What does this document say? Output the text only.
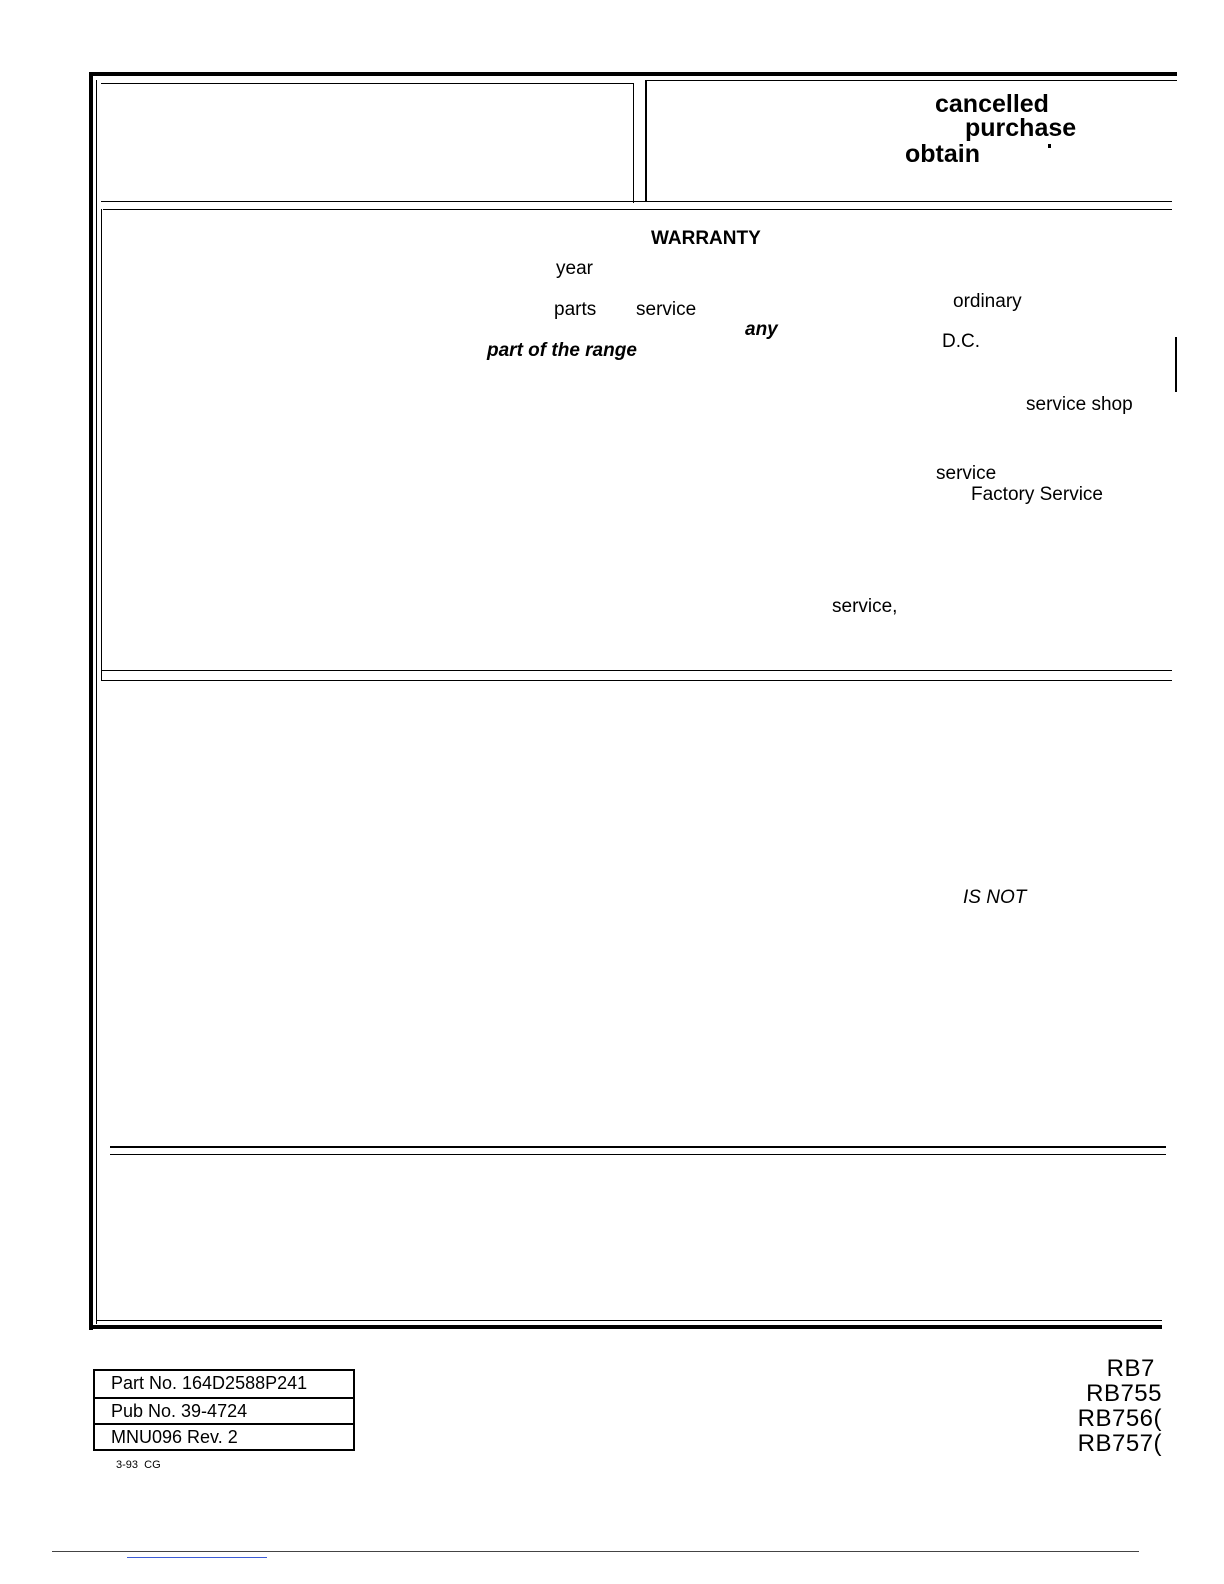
cancelled
purchase
obtain
WARRANTY
year
parts service	ordinary
any
part of the range	D.C.
service shop
service
Factory Service
service,
IS NOT
Part No. 164D2588P241
Pub No. 39-4724
MNU096 Rev. 2
3-93  CG
RB7
RB755
RB756(
RB757(
